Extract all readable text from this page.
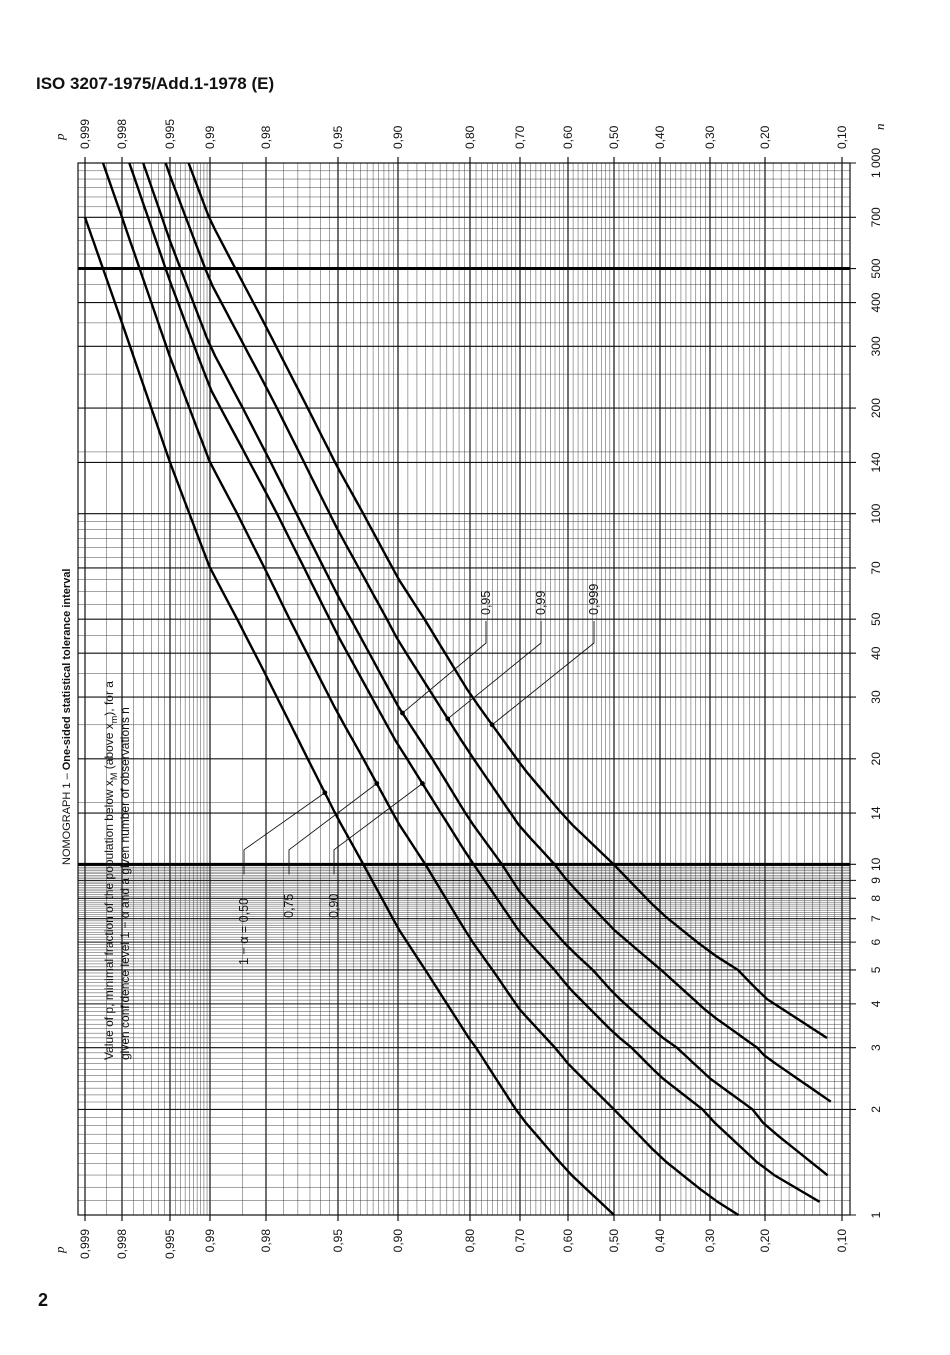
ISO 3207-1975/Add.1-1978 (E)
2
1 − α = 0,50 0,75 0,90
0,95	0,99	0,999
0,999
0,999
0,998
0,998
0,995
0,995
0,99
0,99
0,98
0,98
0,95
0,95
0,90
0,90
0,80
0,80
0,70
0,70
0,60
0,60
0,50
0,50
0,40
0,40
0,30
0,30
0,20
0,20
0,10
0,10
1
2
3
4
5
6
7
8
9
10
14
20
30
40
50
70
100
140
200
300
400
500
700
1 000
NOMOGRAPH 1 – One-sided statistical tolerance interval
Value of p, minimal fraction of the population below $x_M$ (above $x_m$), for a
given confidence level 1 − α and a given number of observations n
n
p
p
